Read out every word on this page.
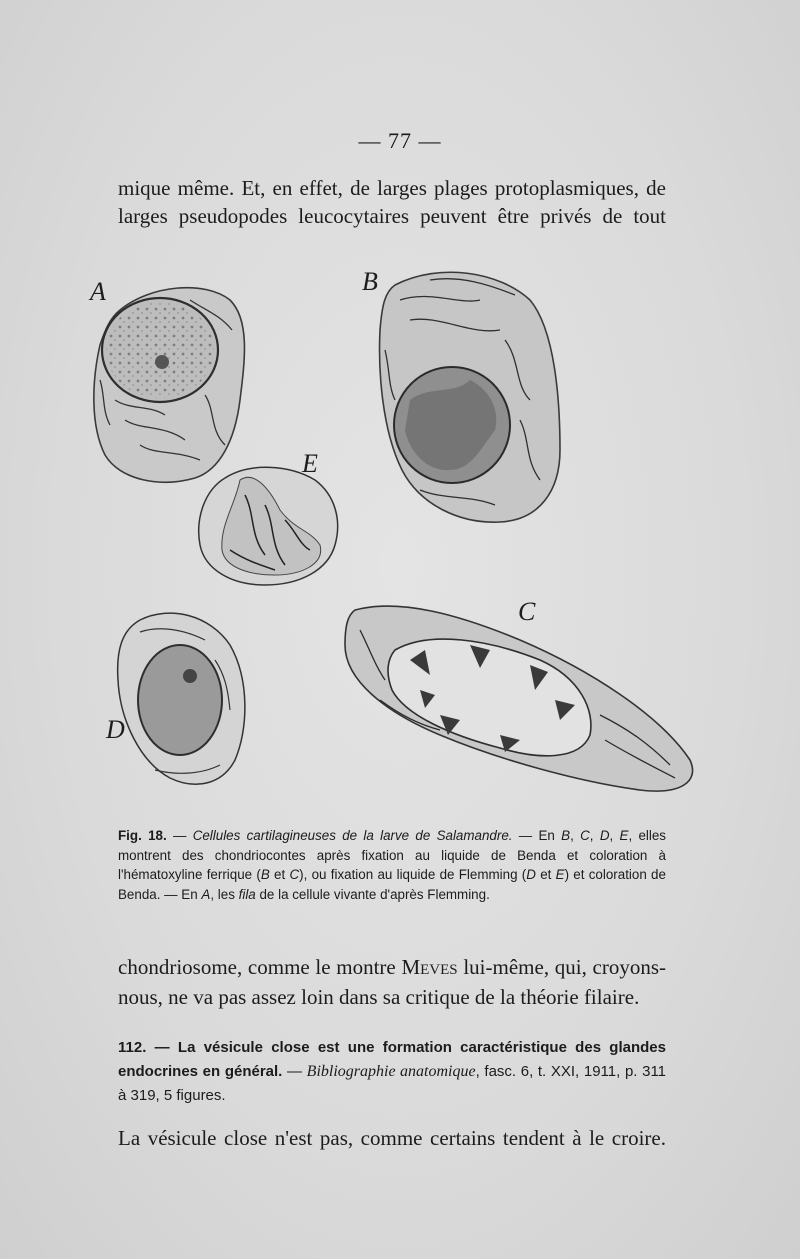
— 77 —
mique même. Et, en effet, de larges plages protoplasmiques, de
larges pseudopodes leucocytaires peuvent être privés de tout
A	B
E
C
D
Fig. 18. — Cellules cartilagineuses de la larve de Salamandre. — En B, C, D, E, elles montrent des chondriocontes après fixation au liquide de Benda et coloration à l'hématoxyline ferrique (B et C), ou fixation au liquide de Flemming (D et E) et coloration de Benda. — En A, les fila de la cellule vivante d'après Flemming.
chondriosome, comme le montre Meves lui-même, qui, croyons-nous, ne va pas assez loin dans sa critique de la théorie filaire.
112. — La vésicule close est une formation caractéristique des glandes endocrines en général. — Bibliographie anatomique, fasc. 6, t. XXI, 1911, p. 311 à 319, 5 figures.
La vésicule close n'est pas, comme certains tendent à le croire.
